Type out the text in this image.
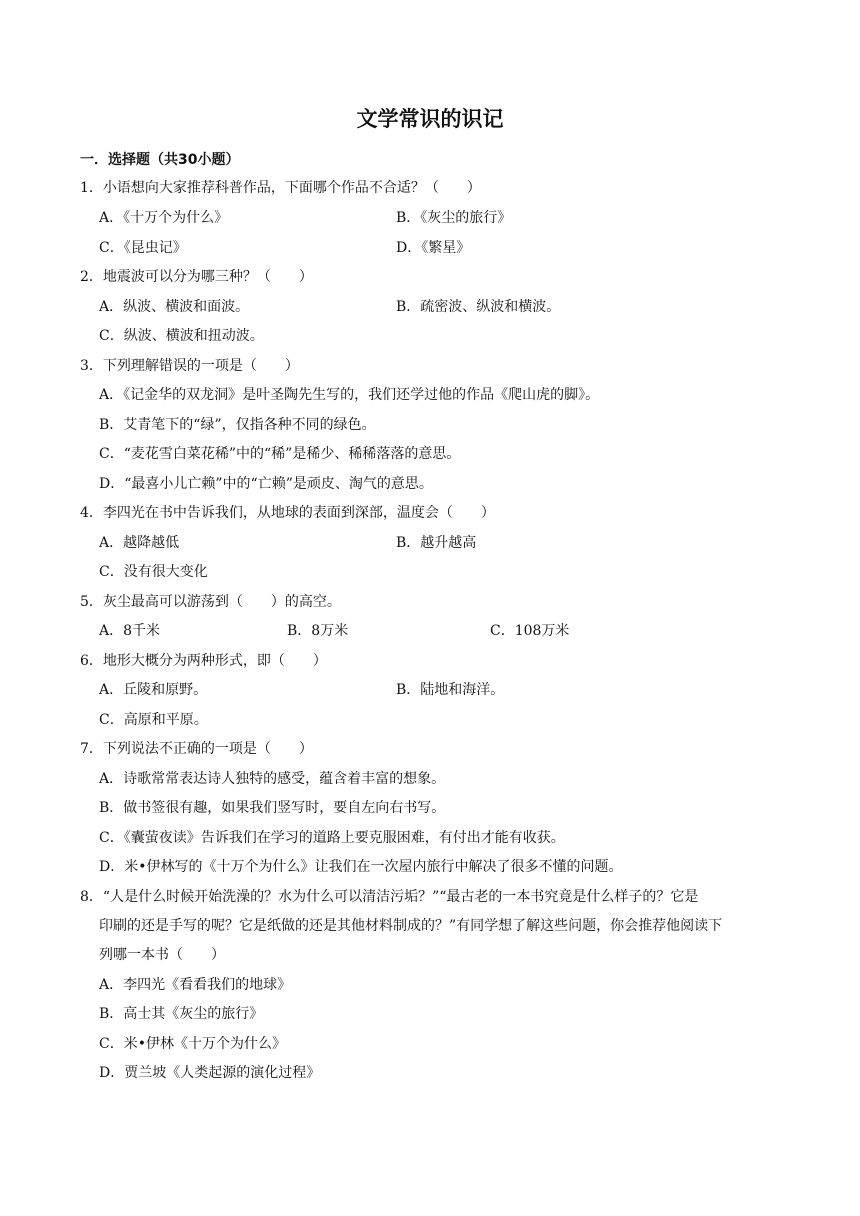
文学常识的识记
一．选择题（共30小题）
1．小语想向大家推荐科普作品，下面哪个作品不合适？（　　）
A．《十万个为什么》	B．《灰尘的旅行》
C．《昆虫记》	D．《繁星》
2．地震波可以分为哪三种？（　　）
A．纵波、横波和面波。	B．疏密波、纵波和横波。
C．纵波、横波和扭动波。
3．下列理解错误的一项是（　　）
A．《记金华的双龙洞》是叶圣陶先生写的，我们还学过他的作品《爬山虎的脚》。
B．艾青笔下的“绿”，仅指各种不同的绿色。
C．“麦花雪白菜花稀”中的“稀”是稀少、稀稀落落的意思。
D．“最喜小儿亡赖”中的“亡赖”是顽皮、淘气的意思。
4．李四光在书中告诉我们，从地球的表面到深部，温度会（　　）
A．越降越低	B．越升越高
C．没有很大变化
5．灰尘最高可以游荡到（　　）的高空。
A．8千米	B．8万米	C．108万米
6．地形大概分为两种形式，即（　　）
A．丘陵和原野。	B．陆地和海洋。
C．高原和平原。
7．下列说法不正确的一项是（　　）
A．诗歌常常表达诗人独特的感受，蕴含着丰富的想象。
B．做书签很有趣，如果我们竖写时，要自左向右书写。
C．《囊萤夜读》告诉我们在学习的道路上要克服困难，有付出才能有收获。
D．米•伊林写的《十万个为什么》让我们在一次屋内旅行中解决了很多不懂的问题。
8．“人是什么时候开始洗澡的？水为什么可以清洁污垢？”“最古老的一本书究竟是什么样子的？它是
印刷的还是手写的呢？它是纸做的还是其他材料制成的？”有同学想了解这些问题，你会推荐他阅读下
列哪一本书（　　）
A．李四光《看看我们的地球》
B．高士其《灰尘的旅行》
C．米•伊林《十万个为什么》
D．贾兰坡《人类起源的演化过程》
